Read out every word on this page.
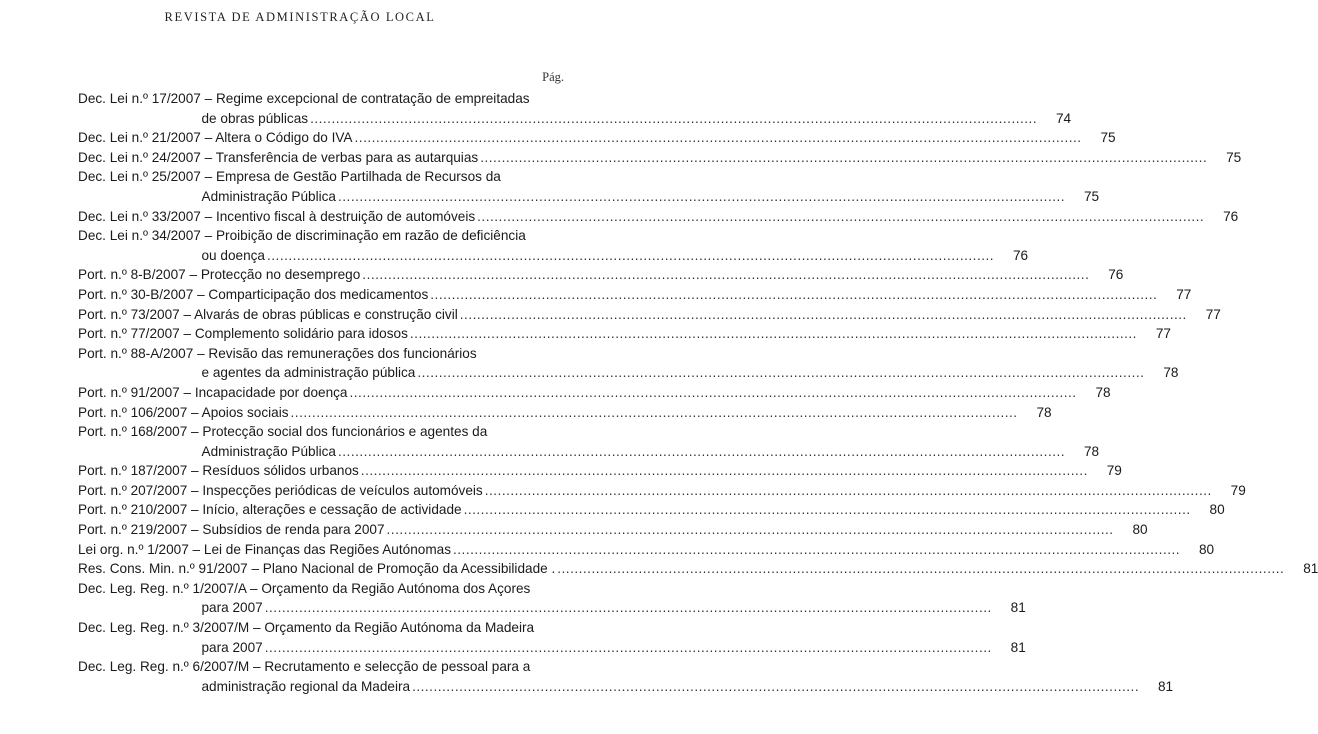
REVISTA DE ADMINISTRAÇÃO LOCAL
Pág.
Dec. Lei n.º 17/2007 – Regime excepcional de contratação de empreitadas
de obras públicas .....	74
Dec. Lei n.º 21/2007 – Altera o Código do IVA .....	75
Dec. Lei n.º 24/2007 – Transferência de verbas para as autarquias .....	75
Dec. Lei n.º 25/2007 – Empresa de Gestão Partilhada de Recursos da
Administração Pública .....	75
Dec. Lei n.º 33/2007 – Incentivo fiscal à destruição de automóveis .....	76
Dec. Lei n.º 34/2007 – Proibição de discriminação em razão de deficiência
ou doença .....	76
Port. n.º 8-B/2007 – Protecção no desemprego .....	76
Port. n.º 30-B/2007 – Comparticipação dos medicamentos .....	77
Port. n.º 73/2007 – Alvarás de obras públicas e construção civil .....	77
Port. n.º 77/2007 – Complemento solidário para idosos .....	77
Port. n.º 88-A/2007 – Revisão das remunerações dos funcionários
e agentes da administração pública .....	78
Port. n.º 91/2007 – Incapacidade por doença .....	78
Port. n.º 106/2007 – Apoios sociais .....	78
Port. n.º 168/2007 – Protecção social dos funcionários e agentes da
Administração Pública .....	78
Port. n.º 187/2007 – Resíduos sólidos urbanos .....	79
Port. n.º 207/2007 – Inspecções periódicas de veículos automóveis .....	79
Port. n.º 210/2007 – Início, alterações e cessação de actividade .....	80
Port. n.º 219/2007 – Subsídios de renda para 2007 .....	80
Lei org. n.º 1/2007 – Lei de Finanças das Regiões Autónomas .....	80
Res. Cons. Min. n.º 91/2007 – Plano Nacional de Promoção da Acessibilidade . .....	81
Dec. Leg. Reg. n.º 1/2007/A – Orçamento da Região Autónoma dos Açores
para 2007 .....	81
Dec. Leg. Reg. n.º 3/2007/M – Orçamento da Região Autónoma da Madeira
para 2007 .....	81
Dec. Leg. Reg. n.º 6/2007/M – Recrutamento e selecção de pessoal para a
administração regional da Madeira .....	81
